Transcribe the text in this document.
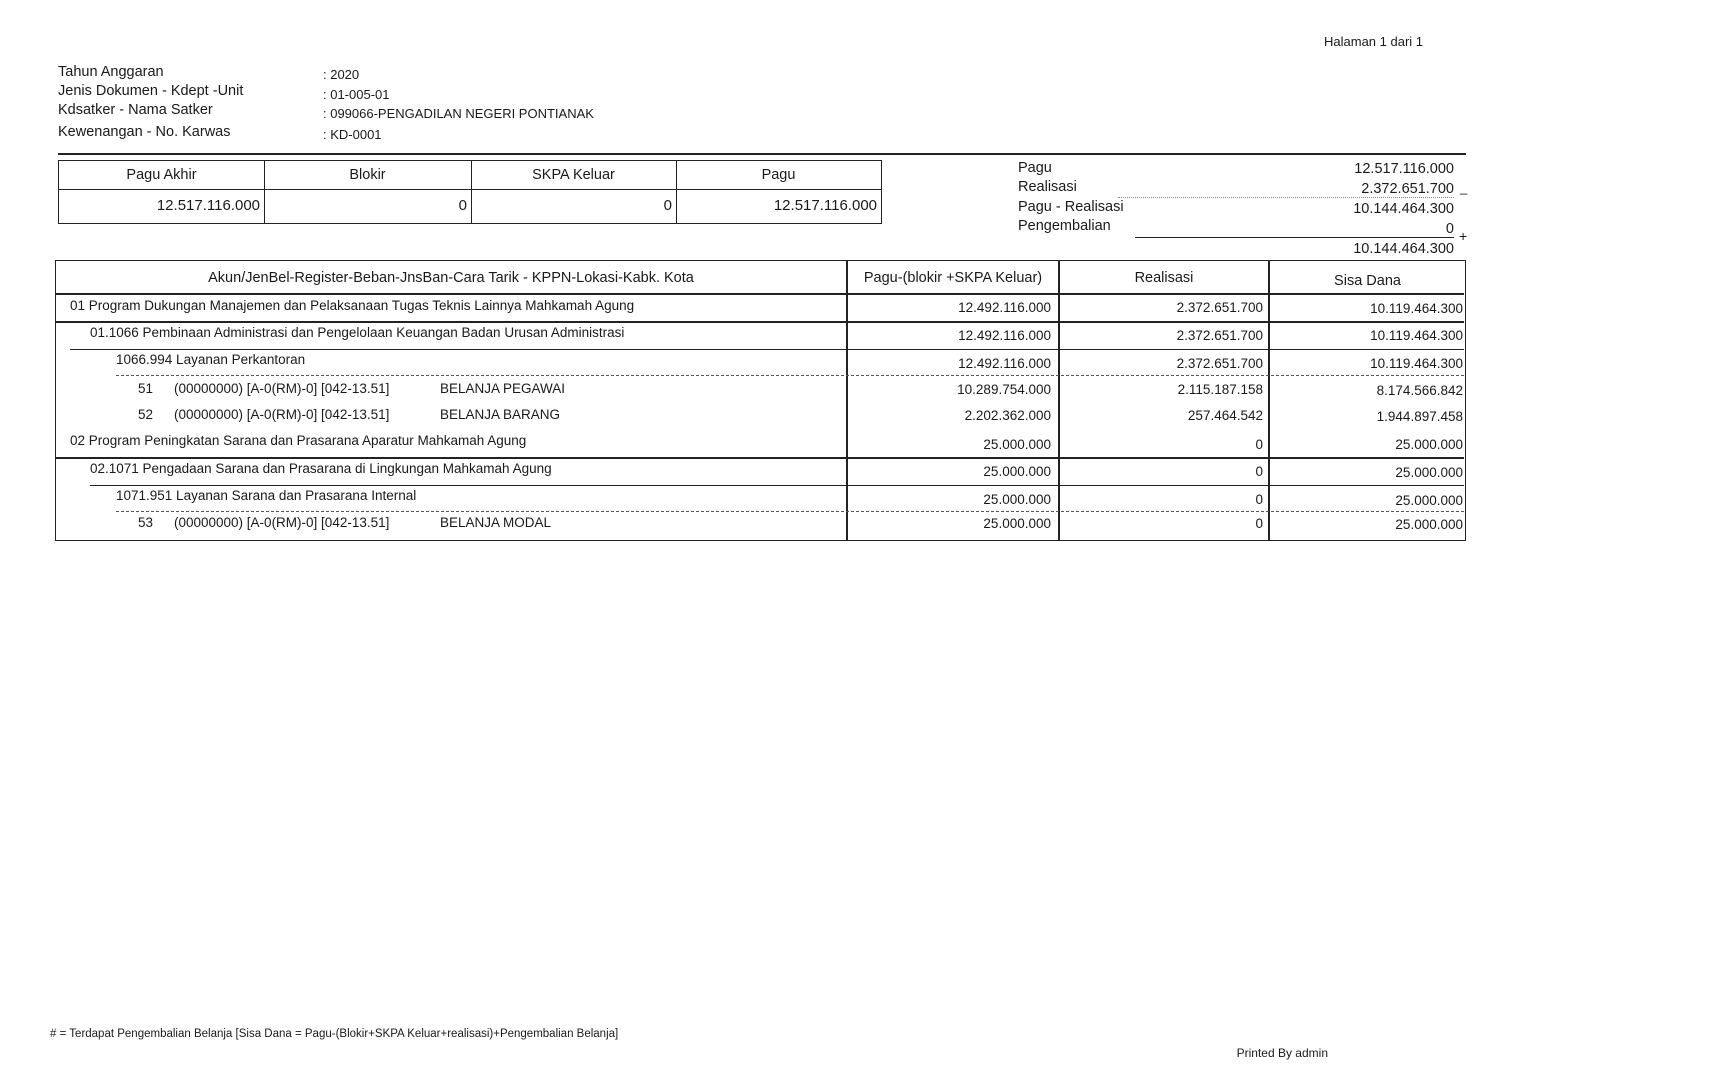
Halaman 1 dari 1
Tahun Anggaran	: 2020
Jenis Dokumen - Kdept -Unit	: 01-005-01
Kdsatker - Nama Satker	: 099066-PENGADILAN NEGERI PONTIANAK
Kewenangan - No. Karwas	: KD-0001
Pagu Akhir	Blokir	SKPA Keluar	Pagu
12.517.116.000	0	0	12.517.116.000
Pagu	12.517.116.000
Realisasi	2.372.651.700 _
Pagu - Realisasi	10.144.464.300
Pengembalian	0 +
10.144.464.300
Akun/JenBel-Register-Beban-JnsBan-Cara Tarik - KPPN-Lokasi-Kabk. Kota	Pagu-(blokir +SKPA Keluar)	Realisasi	Sisa Dana
01 Program Dukungan Manajemen dan Pelaksanaan Tugas Teknis Lainnya Mahkamah Agung	12.492.116.000	2.372.651.700	10.119.464.300
01.1066 Pembinaan Administrasi dan Pengelolaan Keuangan Badan Urusan Administrasi	12.492.116.000	2.372.651.700	10.119.464.300
1066.994 Layanan Perkantoran	12.492.116.000	2.372.651.700	10.119.464.300
51 (00000000) [A-0(RM)-0] [042-13.51]	BELANJA PEGAWAI	10.289.754.000	2.115.187.158	8.174.566.842
52 (00000000) [A-0(RM)-0] [042-13.51]	BELANJA BARANG	2.202.362.000	257.464.542	1.944.897.458
02 Program Peningkatan Sarana dan Prasarana Aparatur Mahkamah Agung	25.000.000	0	25.000.000
02.1071 Pengadaan Sarana dan Prasarana di Lingkungan Mahkamah Agung	25.000.000	0	25.000.000
1071.951 Layanan Sarana dan Prasarana Internal	25.000.000	0	25.000.000
53 (00000000) [A-0(RM)-0] [042-13.51]	BELANJA MODAL	25.000.000	0	25.000.000
# = Terdapat Pengembalian Belanja [Sisa Dana = Pagu-(Blokir+SKPA Keluar+realisasi)+Pengembalian Belanja]
Printed By admin
